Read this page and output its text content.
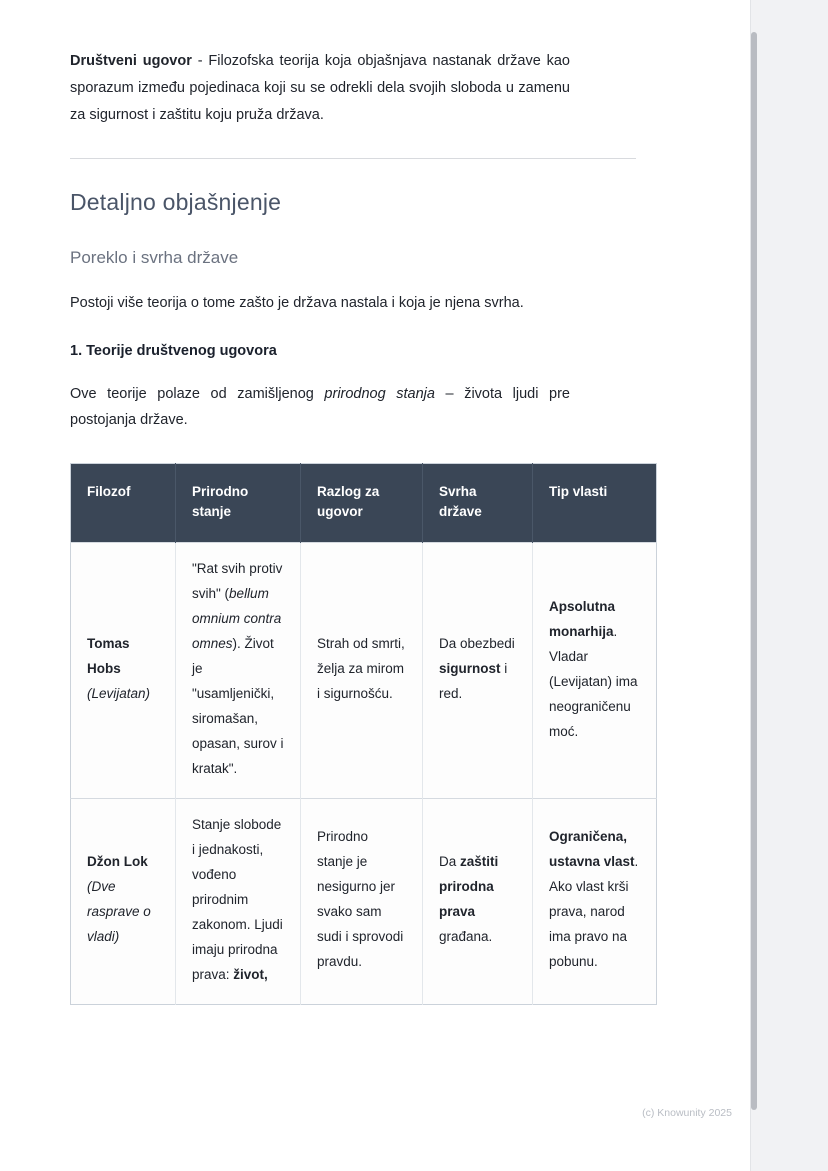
Društveni ugovor - Filozofska teorija koja objašnjava nastanak države kao sporazum između pojedinaca koji su se odrekli dela svojih sloboda u zamenu za sigurnost i zaštitu koju pruža država.

Detaljno objašnjenje
Poreklo i svrha države

Postoji više teorija o tome zašto je država nastala i koja je njena svrha.

1. Teorije društvenog ugovora

Ove teorije polaze od zamišljenog prirodnog stanja – života ljudi pre postojanja države.

Filozof	Prirodno stanje	Razlog za ugovor	Svrha države	Tip vlasti
Tomas Hobs
(Levijatan)	"Rat svih protiv svih" (bellum omnium contra omnes). Život je "usamljenički, siromašan, opasan, surov i kratak".	Strah od smrti, želja za mirom i sigurnošću.	Da obezbedi sigurnost i red.	Apsolutna monarhija. Vladar (Levijatan) ima neograničenu moć.
Džon Lok
(Dve rasprave o vladi)	Stanje slobode i jednakosti, vođeno prirodnim zakonom. Ljudi imaju prirodna prava: život,	Prirodno stanje je nesigurno jer svako sam sudi i sprovodi pravdu.	Da zaštiti prirodna prava građana.	Ograničena, ustavna vlast. Ako vlast krši prava, narod ima pravo na pobunu.
(c) Knowunity 2025
